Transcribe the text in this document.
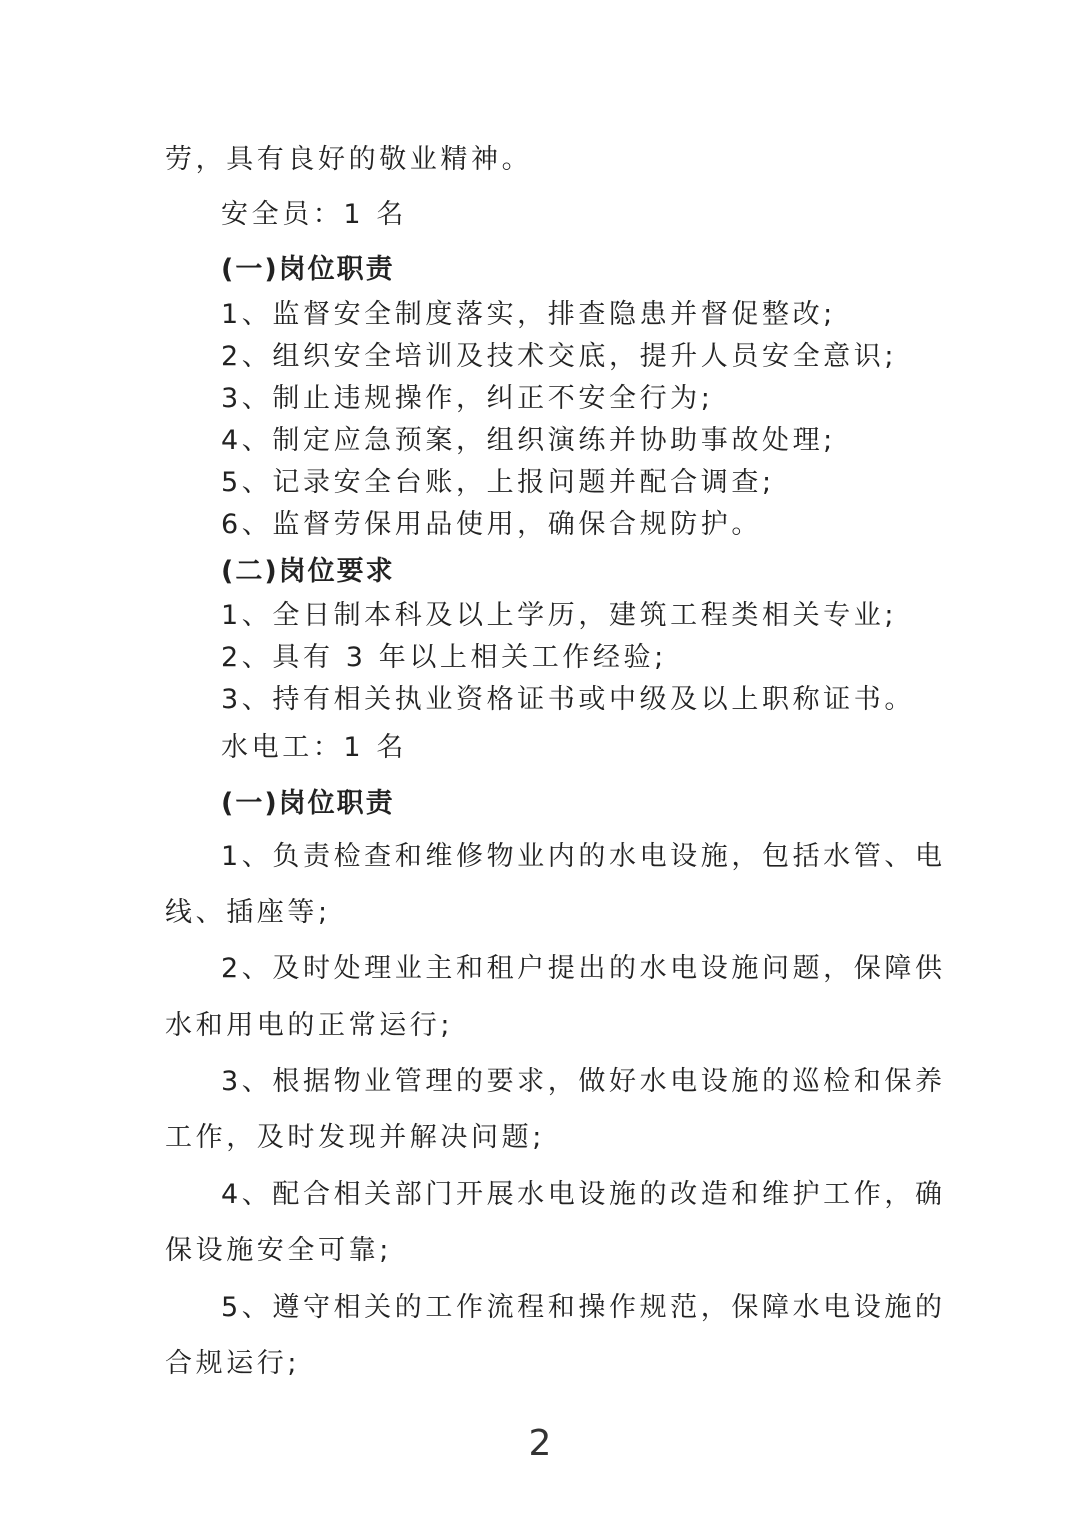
劳，具有良好的敬业精神。

安全员：1 名

(一)岗位职责

1、监督安全制度落实，排查隐患并督促整改;

2、组织安全培训及技术交底，提升人员安全意识;

3、制止违规操作，纠正不安全行为;

4、制定应急预案，组织演练并协助事故处理;

5、记录安全台账，上报问题并配合调查;

6、监督劳保用品使用，确保合规防护。

(二)岗位要求

1、全日制本科及以上学历，建筑工程类相关专业;

2、具有 3 年以上相关工作经验;

3、持有相关执业资格证书或中级及以上职称证书。

水电工：1 名

(一)岗位职责

1、负责检查和维修物业内的水电设施，包括水管、电

线、插座等;

2、及时处理业主和租户提出的水电设施问题，保障供

水和用电的正常运行;

3、根据物业管理的要求，做好水电设施的巡检和保养

工作，及时发现并解决问题;

4、配合相关部门开展水电设施的改造和维护工作，确

保设施安全可靠;

5、遵守相关的工作流程和操作规范，保障水电设施的

合规运行;

2
